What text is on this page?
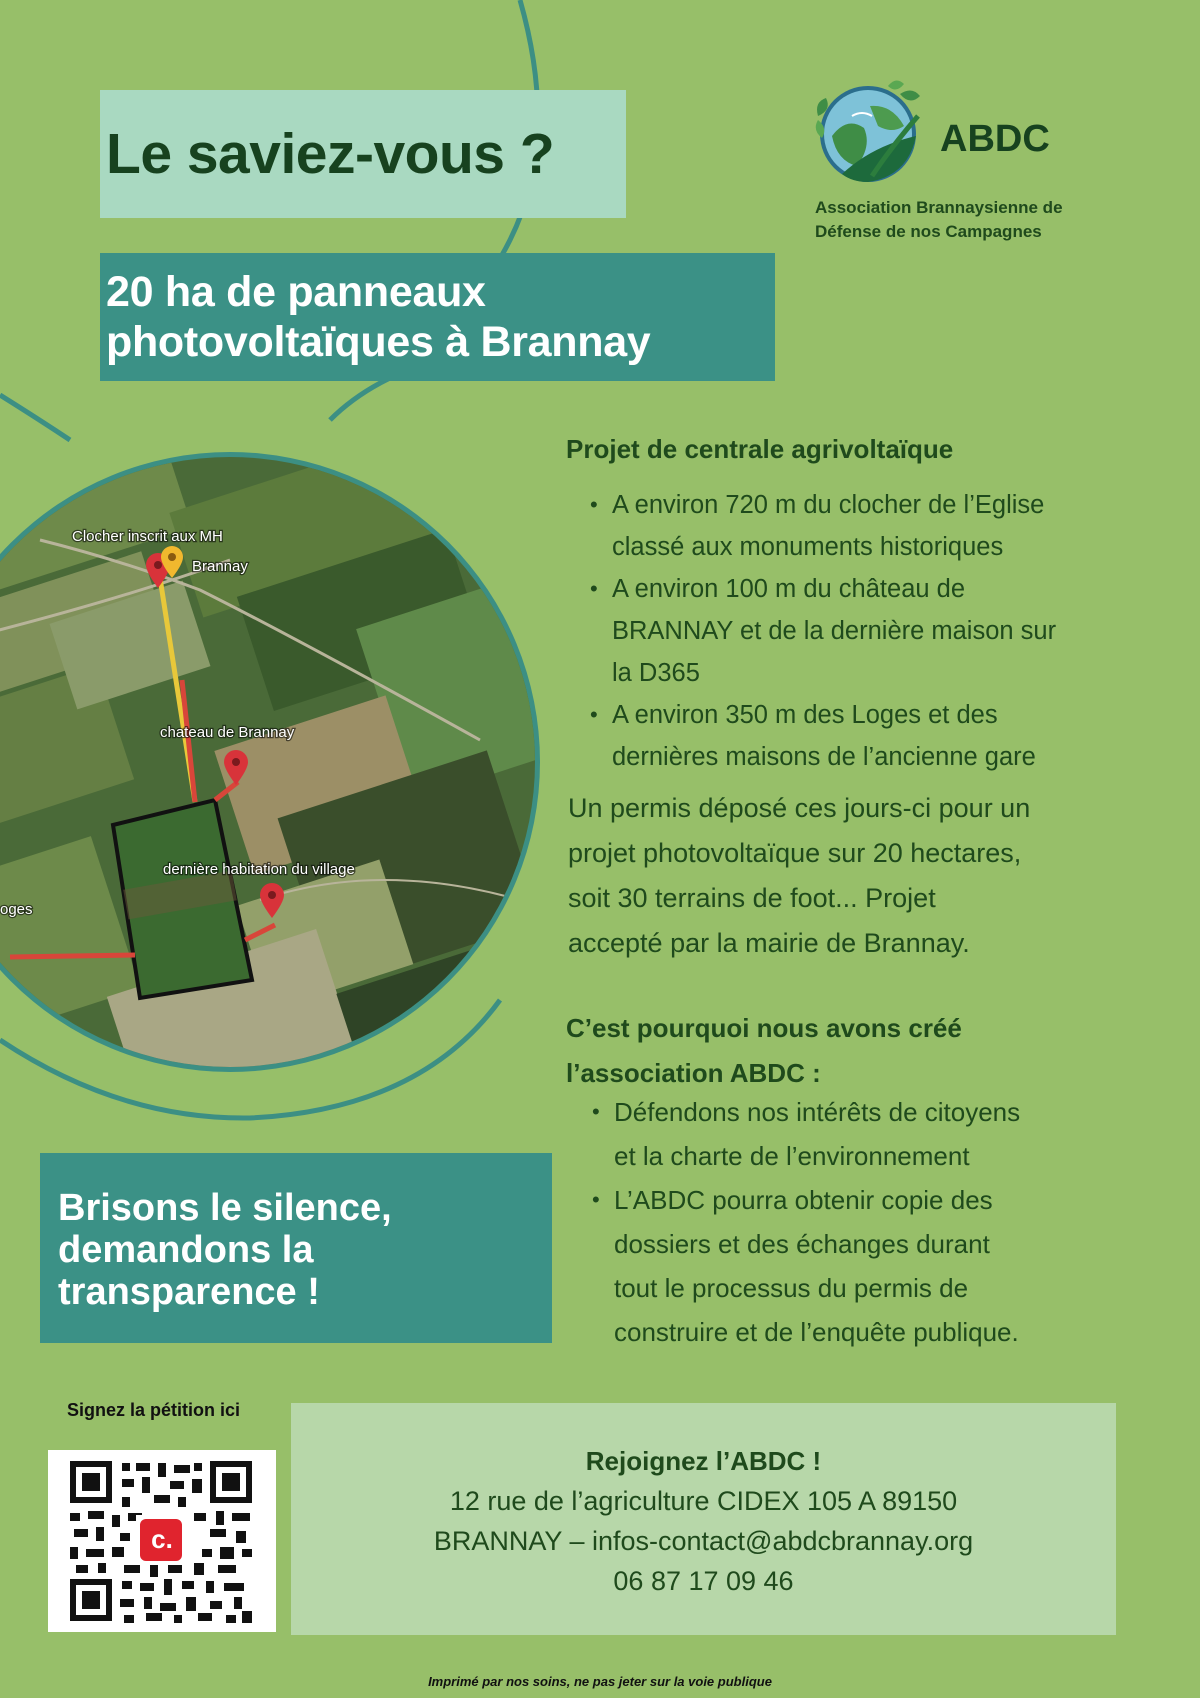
Le saviez-vous ?
20 ha de panneaux
photovoltaïques à Brannay
ABDC
Association Brannaysienne de
Défense de nos Campagnes
Clocher inscrit aux MH
Brannay
chateau de Brannay
dernière habitation du village
oges
Projet de centrale agrivoltaïque
• A environ 720 m du clocher de l’Eglise
classé aux monuments historiques
• A environ 100 m du château de
BRANNAY et de la dernière maison sur
la D365
• A environ 350 m des Loges et des
dernières maisons de l’ancienne gare
Un permis déposé ces jours-ci pour un
projet photovoltaïque sur 20 hectares,
soit 30 terrains de foot... Projet
accepté par la mairie de Brannay.
C’est pourquoi nous avons créé
l’association ABDC :
• Défendons nos intérêts de citoyens
et la charte de l’environnement
• L’ABDC pourra obtenir copie des
dossiers et des échanges durant
tout le processus du permis de
construire et de l’enquête publique.
Brisons le silence,
demandons la
transparence !
Signez la pétition ici
c.
Rejoignez l’ABDC !
12 rue de l’agriculture CIDEX 105 A 89150
BRANNAY – infos-contact@abdcbrannay.org
06 87 17 09 46
Imprimé par nos soins, ne pas jeter sur la voie publique
